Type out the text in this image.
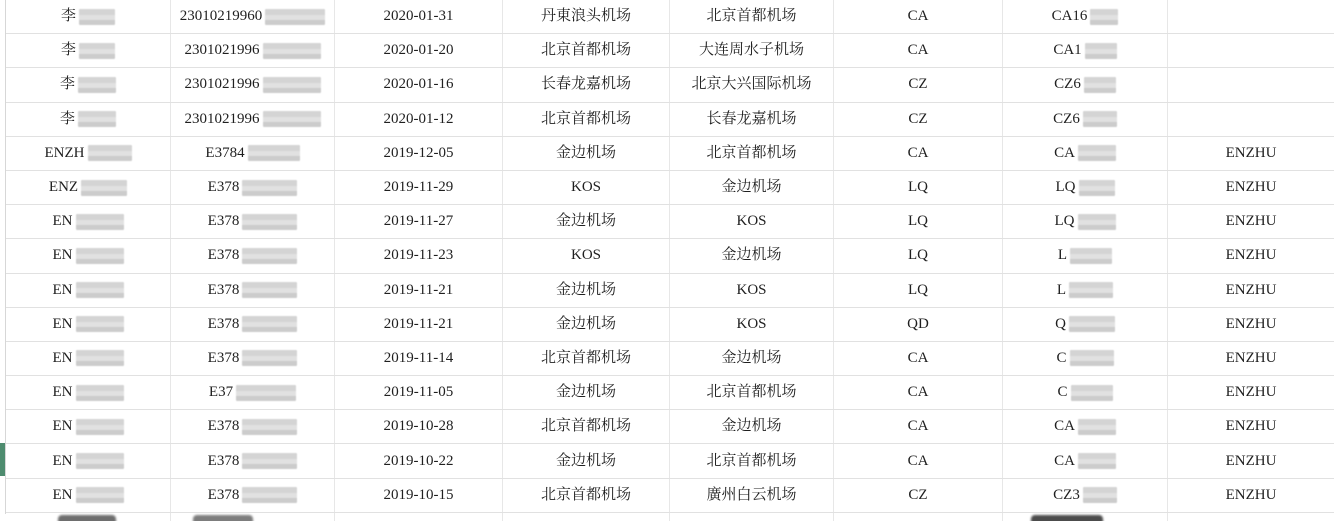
李	23010219960	2020-01-31	丹東浪头机场	北京首都机场	CA	CA16
李	2301021996	2020-01-20	北京首都机场	大连周水子机场	CA	CA1
李	2301021996	2020-01-16	长春龙嘉机场	北京大兴国际机场	CZ	CZ6
李	2301021996	2020-01-12	北京首都机场	长春龙嘉机场	CZ	CZ6
ENZH	E3784	2019-12-05	金边机场	北京首都机场	CA	CA	ENZHU
ENZ	E378	2019-11-29	KOS	金边机场	LQ	LQ	ENZHU
EN	E378	2019-11-27	金边机场	KOS	LQ	LQ	ENZHU
EN	E378	2019-11-23	KOS	金边机场	LQ	L	ENZHU
EN	E378	2019-11-21	金边机场	KOS	LQ	L	ENZHU
EN	E378	2019-11-21	金边机场	KOS	QD	Q	ENZHU
EN	E378	2019-11-14	北京首都机场	金边机场	CA	C	ENZHU
EN	E37	2019-11-05	金边机场	北京首都机场	CA	C	ENZHU
EN	E378	2019-10-28	北京首都机场	金边机场	CA	CA	ENZHU
EN	E378	2019-10-22	金边机场	北京首都机场	CA	CA	ENZHU
EN	E378	2019-10-15	北京首都机场	廣州白云机场	CZ	CZ3	ENZHU
